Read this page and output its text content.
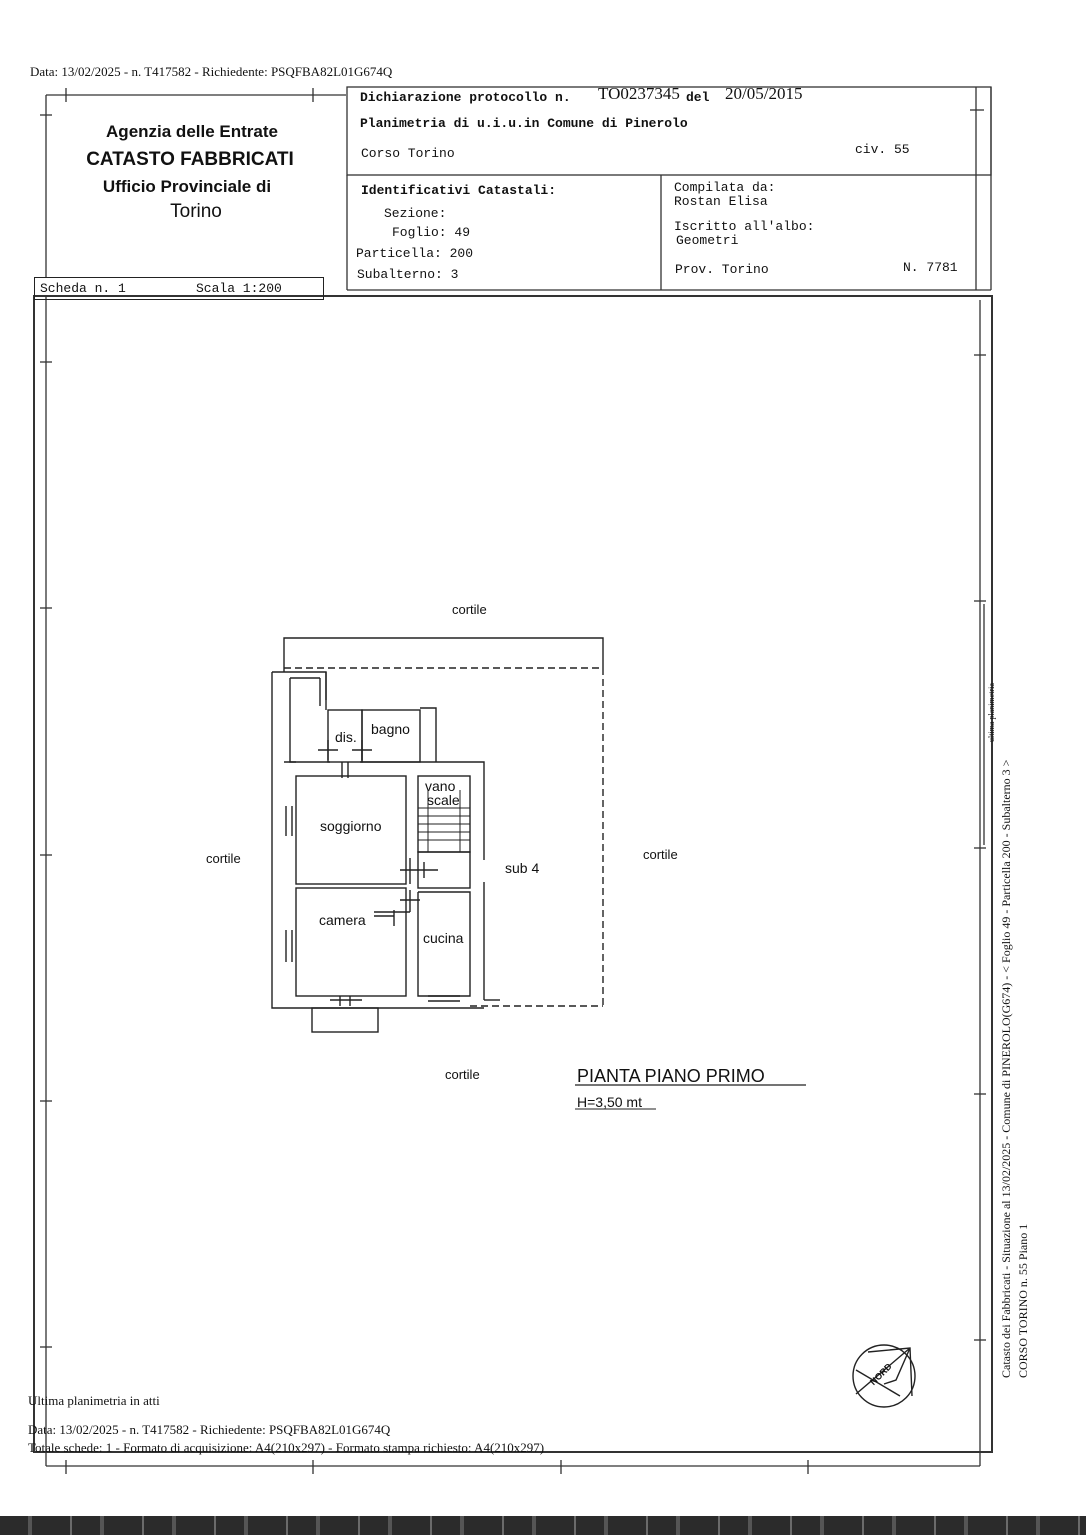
Data: 13/02/2025 - n. T417582 - Richiedente: PSQFBA82L01G674Q
Agenzia delle Entrate
CATASTO FABBRICATI
Ufficio Provinciale di
Torino
Scheda n. 1	Scala 1:200
Dichiarazione protocollo n. TO0237345 del 20/05/2015
Planimetria di u.i.u.in Comune di Pinerolo
Corso Torino	civ. 55
Identificativi Catastali:
Sezione:
Foglio: 49
Particella: 200
Subalterno: 3
Compilata da:
Rostan Elisa
Iscritto all'albo:
Geometri
Prov. Torino	N. 7781
cortile
cortile	cortile
cortile
dis. bagno
vano
scale
soggiorno
sub 4
camera
cucina
PIANTA PIANO PRIMO
H=3,50 mt
NORD	Catasto dei Fabbricati - Situazione al 13/02/2025 - Comune di PINEROLO(G674) - < Foglio 49 - Particella 200 - Subalterno 3 > CORSO TORINO n. 55 Piano 1
ultima planimetria
Ultima planimetria in atti
Data: 13/02/2025 - n. T417582 - Richiedente: PSQFBA82L01G674Q
Totale schede: 1 - Formato di acquisizione: A4(210x297) - Formato stampa richiesto: A4(210x297)
